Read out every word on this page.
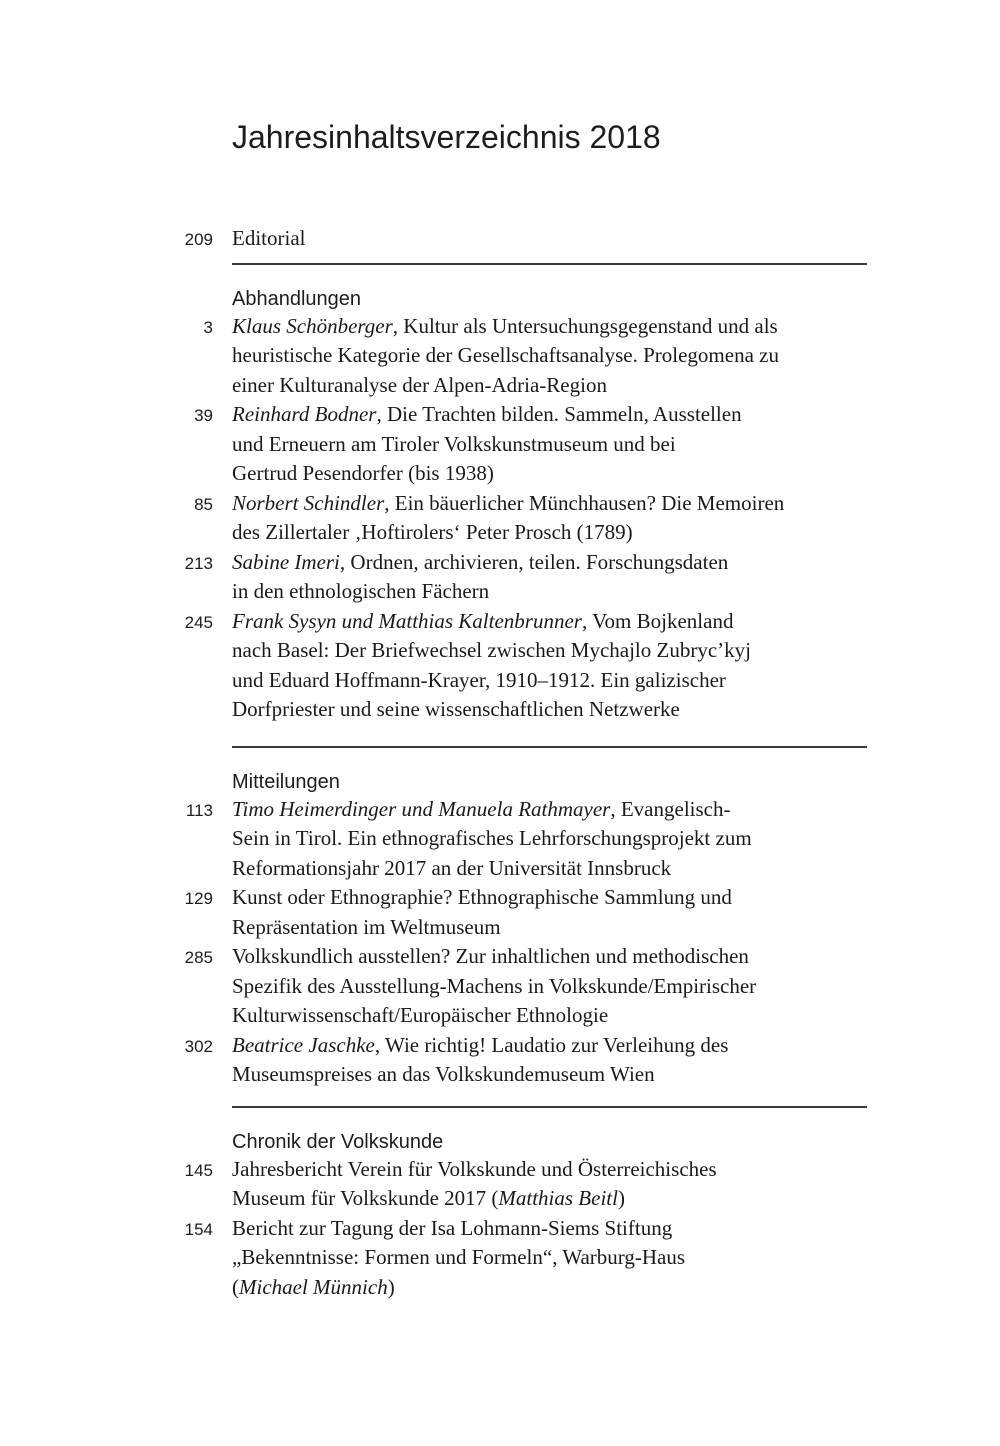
Jahresinhaltsverzeichnis 2018
209 Editorial
Abhandlungen
3 Klaus Schönberger, Kultur als Untersuchungsgegenstand und als
heuristische Kategorie der Gesellschaftsanalyse. Prolegomena zu
einer Kulturanalyse der Alpen-Adria-Region
39 Reinhard Bodner, Die Trachten bilden. Sammeln, Ausstellen
und Erneuern am Tiroler Volkskunstmuseum und bei
Gertrud Pesendorfer (bis 1938)
85 Norbert Schindler, Ein bäuerlicher Münchhausen? Die Memoiren
des Zillertaler ‚Hoftirolers‘ Peter Prosch (1789)
213 Sabine Imeri, Ordnen, archivieren, teilen. Forschungsdaten
in den ethnologischen Fächern
245 Frank Sysyn und Matthias Kaltenbrunner, Vom Bojkenland
nach Basel: Der Briefwechsel zwischen Mychajlo Zubryc’kyj
und Eduard Hoffmann-Krayer, 1910–1912. Ein galizischer
Dorfpriester und seine wissenschaftlichen Netzwerke
Mitteilungen
113 Timo Heimerdinger und Manuela Rathmayer, Evangelisch-
Sein in Tirol. Ein ethnografisches Lehrforschungsprojekt zum
Reformationsjahr 2017 an der Universität Innsbruck
129 Kunst oder Ethnographie? Ethnographische Sammlung und
Repräsentation im Weltmuseum
285 Volkskundlich ausstellen? Zur inhaltlichen und methodischen
Spezifik des Ausstellung-Machens in Volkskunde/Empirischer
Kulturwissenschaft/Europäischer Ethnologie
302 Beatrice Jaschke, Wie richtig! Laudatio zur Verleihung des
Museumspreises an das Volkskundemuseum Wien
Chronik der Volkskunde
145 Jahresbericht Verein für Volkskunde und Österreichisches
Museum für Volkskunde 2017 (Matthias Beitl)
154 Bericht zur Tagung der Isa Lohmann-Siems Stiftung
„Bekenntnisse: Formen und Formeln“, Warburg-Haus
(Michael Münnich)
